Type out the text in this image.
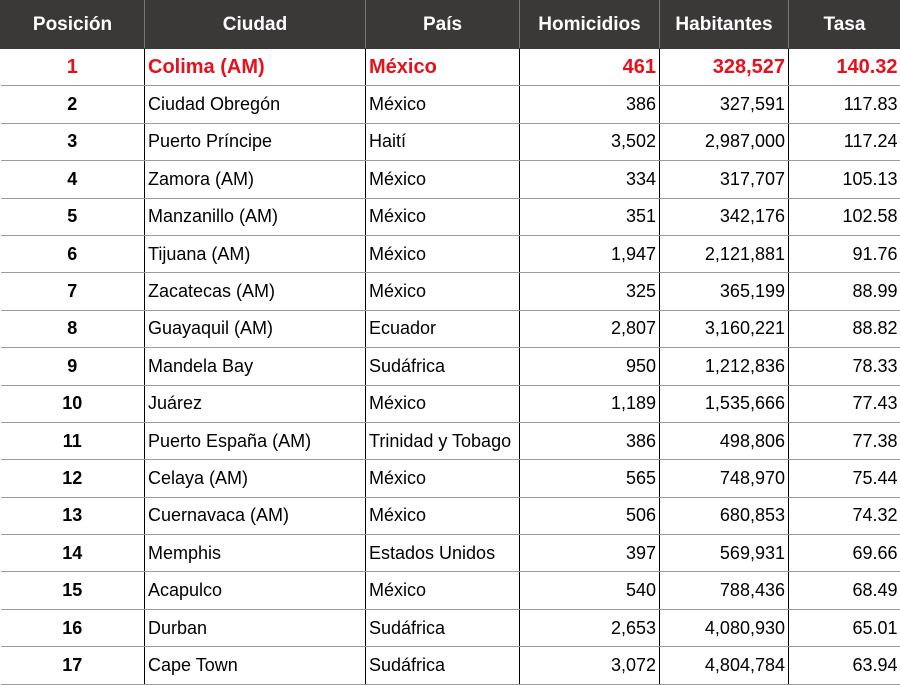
Posición	Ciudad	País	Homicidios	Habitantes	Tasa
1	Colima (AM)	México	461	328,527	140.32
2	Ciudad Obregón	México	386	327,591	117.83
3	Puerto Príncipe	Haití	3,502	2,987,000	117.24
4	Zamora (AM)	México	334	317,707	105.13
5	Manzanillo (AM)	México	351	342,176	102.58
6	Tijuana (AM)	México	1,947	2,121,881	91.76
7	Zacatecas (AM)	México	325	365,199	88.99
8	Guayaquil (AM)	Ecuador	2,807	3,160,221	88.82
9	Mandela Bay	Sudáfrica	950	1,212,836	78.33
10	Juárez	México	1,189	1,535,666	77.43
11	Puerto España (AM)	Trinidad y Tobago	386	498,806	77.38
12	Celaya (AM)	México	565	748,970	75.44
13	Cuernavaca (AM)	México	506	680,853	74.32
14	Memphis	Estados Unidos	397	569,931	69.66
15	Acapulco	México	540	788,436	68.49
16	Durban	Sudáfrica	2,653	4,080,930	65.01
17	Cape Town	Sudáfrica	3,072	4,804,784	63.94
